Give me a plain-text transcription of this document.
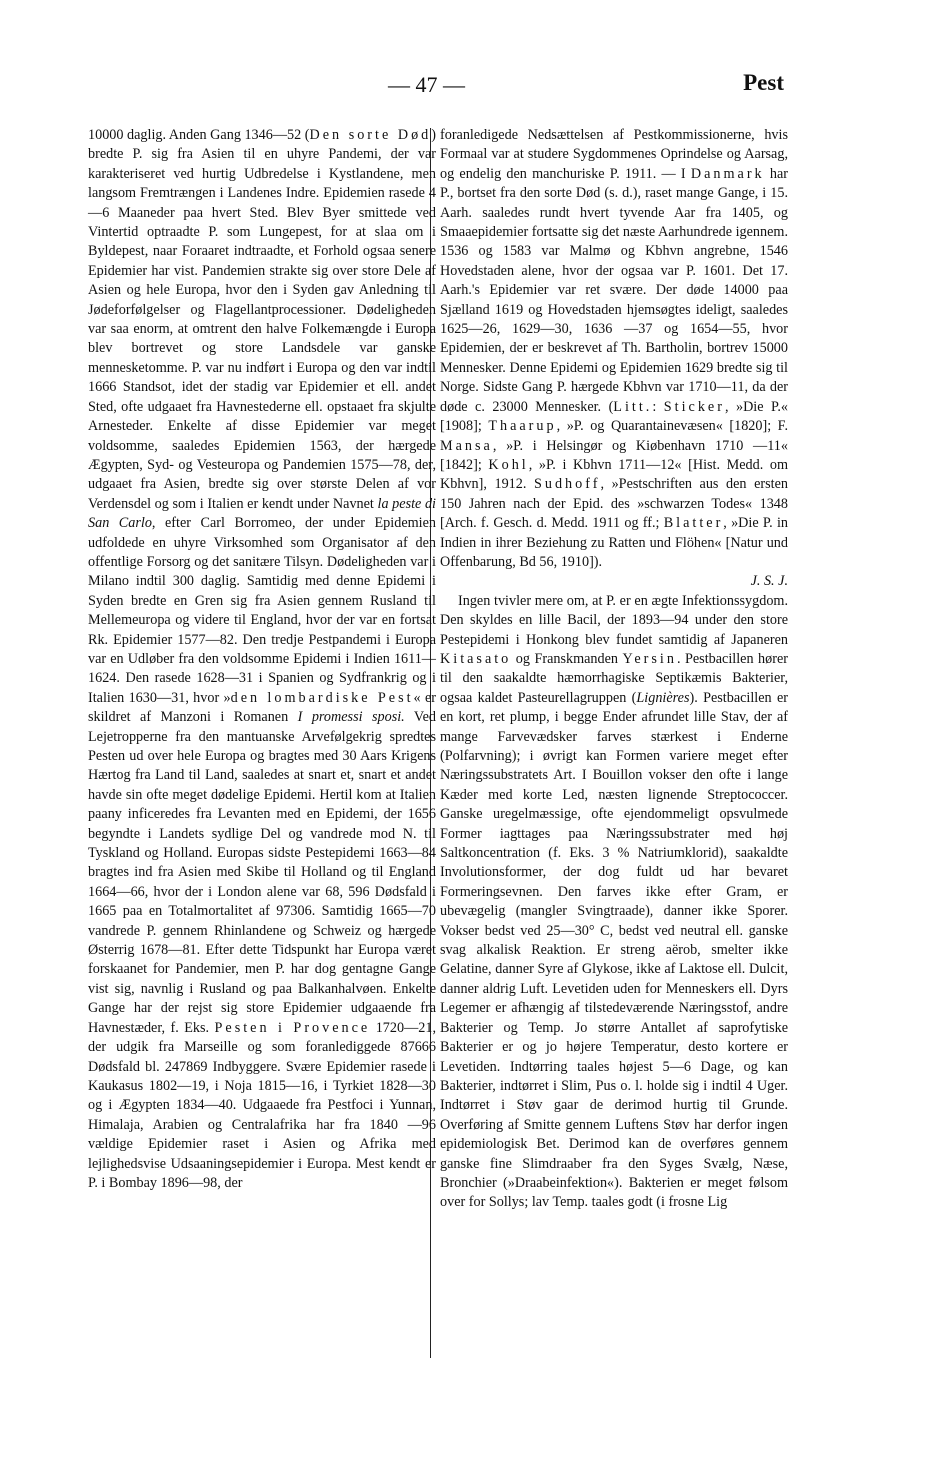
— 47 —	Pest

10000 daglig. Anden Gang 1346—52 (Den sorte Død) bredte P. sig fra Asien til en uhyre Pandemi, der var karakteriseret ved hurtig Udbredelse i Kystlandene, men langsom Fremtrængen i Landenes Indre. Epidemien rasede 4—6 Maaneder paa hvert Sted. Blev Byer smittede ved Vintertid optraadte P. som Lungepest, for at slaa om i Byldepest, naar Foraaret indtraadte, et Forhold ogsaa senere Epidemier har vist. Pandemien strakte sig over store Dele af Asien og hele Europa, hvor den i Syden gav Anledning til Jødeforfølgelser og Flagellantprocessioner. Dødeligheden var saa enorm, at omtrent den halve Folkemængde i Europa blev bortrevet og store Landsdele var ganske mennesketomme. P. var nu indført i Europa og den var indtil 1666 Standsot, idet der stadig var Epidemier et ell. andet Sted, ofte udgaaet fra Havnestederne ell. opstaaet fra skjulte Arnesteder. Enkelte af disse Epidemier var meget voldsomme, saaledes Epidemien 1563, der hærgede Ægypten, Syd- og Vesteuropa og Pandemien 1575—78, der, udgaaet fra Asien, bredte sig over største Delen af vor Verdensdel og som i Italien er kendt under Navnet la peste di San Carlo, efter Carl Borromeo, der under Epidemien udfoldede en uhyre Virksomhed som Organisator af den offentlige Forsorg og det sanitære Tilsyn. Dødeligheden var i Milano indtil 300 daglig. Samtidig med denne Epidemi i Syden bredte en Gren sig fra Asien gennem Rusland til Mellemeuropa og videre til England, hvor der var en fortsat Rk. Epidemier 1577—82. Den tredje Pestpandemi i Europa var en Udløber fra den voldsomme Epidemi i Indien 1611—1624. Den rasede 1628—31 i Spanien og Sydfrankrig og i Italien 1630—31, hvor »den lombardiske Pest« er skildret af Manzoni i Romanen I promessi sposi. Ved Lejetropperne fra den mantuanske Arvefølgekrig spredtes Pesten ud over hele Europa og bragtes med 30 Aars Krigens Hærtog fra Land til Land, saaledes at snart et, snart et andet havde sin ofte meget dødelige Epidemi. Hertil kom at Italien paany inficeredes fra Levanten med en Epidemi, der 1656 begyndte i Landets sydlige Del og vandrede mod N. til Tyskland og Holland. Europas sidste Pestepidemi 1663—84 bragtes ind fra Asien med Skibe til Holland og til England 1664—66, hvor der i London alene var 68, 596 Dødsfald i 1665 paa en Totalmortalitet af 97306. Samtidig 1665—70 vandrede P. gennem Rhinlandene og Schweiz og hærgede Østerrig 1678—81. Efter dette Tidspunkt har Europa været forskaanet for Pandemier, men P. har dog gentagne Gange vist sig, navnlig i Rusland og paa Balkanhalvøen. Enkelte Gange har der rejst sig store Epidemier udgaaende fra Havnestæder, f. Eks. Pesten i Provence 1720—21, der udgik fra Marseille og som foranlediggede 87666 Dødsfald bl. 247869 Indbyggere. Svære Epidemier rasede i Kaukasus 1802—19, i Noja 1815—16, i Tyrkiet 1828—30 og i Ægypten 1834—40. Udgaaede fra Pestfoci i Yunnan, Himalaja, Arabien og Centralafrika har fra 1840 —96 vældige Epidemier raset i Asien og Afrika med lejlighedsvise Udsaaningsepidemier i Europa. Mest kendt er P. i Bombay 1896—98, der

foranledigede Nedsættelsen af Pestkommissionerne, hvis Formaal var at studere Sygdommenes Oprindelse og Aarsag, og endelig den manchuriske P. 1911. — I Danmark har P., bortset fra den sorte Død (s. d.), raset mange Gange, i 15. Aarh. saaledes rundt hvert tyvende Aar fra 1405, og Smaaepidemier fortsatte sig det næste Aarhundrede igennem. 1536 og 1583 var Malmø og Kbhvn angrebne, 1546 Hovedstaden alene, hvor der ogsaa var P. 1601. Det 17. Aarh.'s Epidemier var ret svære. Der døde 14000 paa Sjælland 1619 og Hovedstaden hjemsøgtes ideligt, saaledes 1625—26, 1629—30, 1636 —37 og 1654—55, hvor Epidemien, der er beskrevet af Th. Bartholin, bortrev 15000 Mennesker. Denne Epidemi og Epidemien 1629 bredte sig til Norge. Sidste Gang P. hærgede Kbhvn var 1710—11, da der døde c. 23000 Mennesker. (Litt.: Sticker, »Die P.« [1908]; Thaarup, »P. og Quarantainevæsen« [1820]; F. Mansa, »P. i Helsingør og Kiøbenhavn 1710 —11« [1842]; Kohl, »P. i Kbhvn 1711—12« [Hist. Medd. om Kbhvn], 1912. Sudhoff, »Pestschriften aus den ersten 150 Jahren nach der Epid. des »schwarzen Todes« 1348 [Arch. f. Gesch. d. Medd. 1911 og ff.; Blatter, »Die P. in Indien in ihrer Beziehung zu Ratten und Flöhen« [Natur und Offenbarung, Bd 56, 1910]).

J. S. J.

Ingen tvivler mere om, at P. er en ægte Infektionssygdom. Den skyldes en lille Bacil, der 1893—94 under den store Pestepidemi i Honkong blev fundet samtidig af Japaneren Kitasato og Franskmanden Yersin. Pestbacillen hører til den saakaldte hæmorrhagiske Septikæmis Bakterier, ogsaa kaldet Pasteurellagruppen (Lignières). Pestbacillen er en kort, ret plump, i begge Ender afrundet lille Stav, der af mange Farvevædsker farves stærkest i Enderne (Polfarvning); i øvrigt kan Formen variere meget efter Næringssubstratets Art. I Bouillon vokser den ofte i lange Kæder med korte Led, næsten lignende Streptococcer. Ganske uregelmæssige, ofte ejendommeligt opsvulmede Former iagttages paa Næringssubstrater med høj Saltkoncentration (f. Eks. 3 % Natriumklorid), saakaldte Involutionsformer, der dog fuldt ud har bevaret Formeringsevnen. Den farves ikke efter Gram, er ubevægelig (mangler Svingtraade), danner ikke Sporer. Vokser bedst ved 25—30° C, bedst ved neutral ell. ganske svag alkalisk Reaktion. Er streng aërob, smelter ikke Gelatine, danner Syre af Glykose, ikke af Laktose ell. Dulcit, danner aldrig Luft. Levetiden uden for Menneskers ell. Dyrs Legemer er afhængig af tilstedeværende Næringsstof, andre Bakterier og Temp. Jo større Antallet af saprofytiske Bakterier er og jo højere Temperatur, desto kortere er Levetiden. Indtørring taales højest 5—6 Dage, og kan Bakterier, indtørret i Slim, Pus o. l. holde sig i indtil 4 Uger. Indtørret i Støv gaar de derimod hurtig til Grunde. Overføring af Smitte gennem Luftens Støv har derfor ingen epidemiologisk Bet. Derimod kan de overføres gennem ganske fine Slimdraaber fra den Syges Svælg, Næse, Bronchier (»Draabeinfektion«). Bakterien er meget følsom over for Sollys; lav Temp. taales godt (i frosne Lig
